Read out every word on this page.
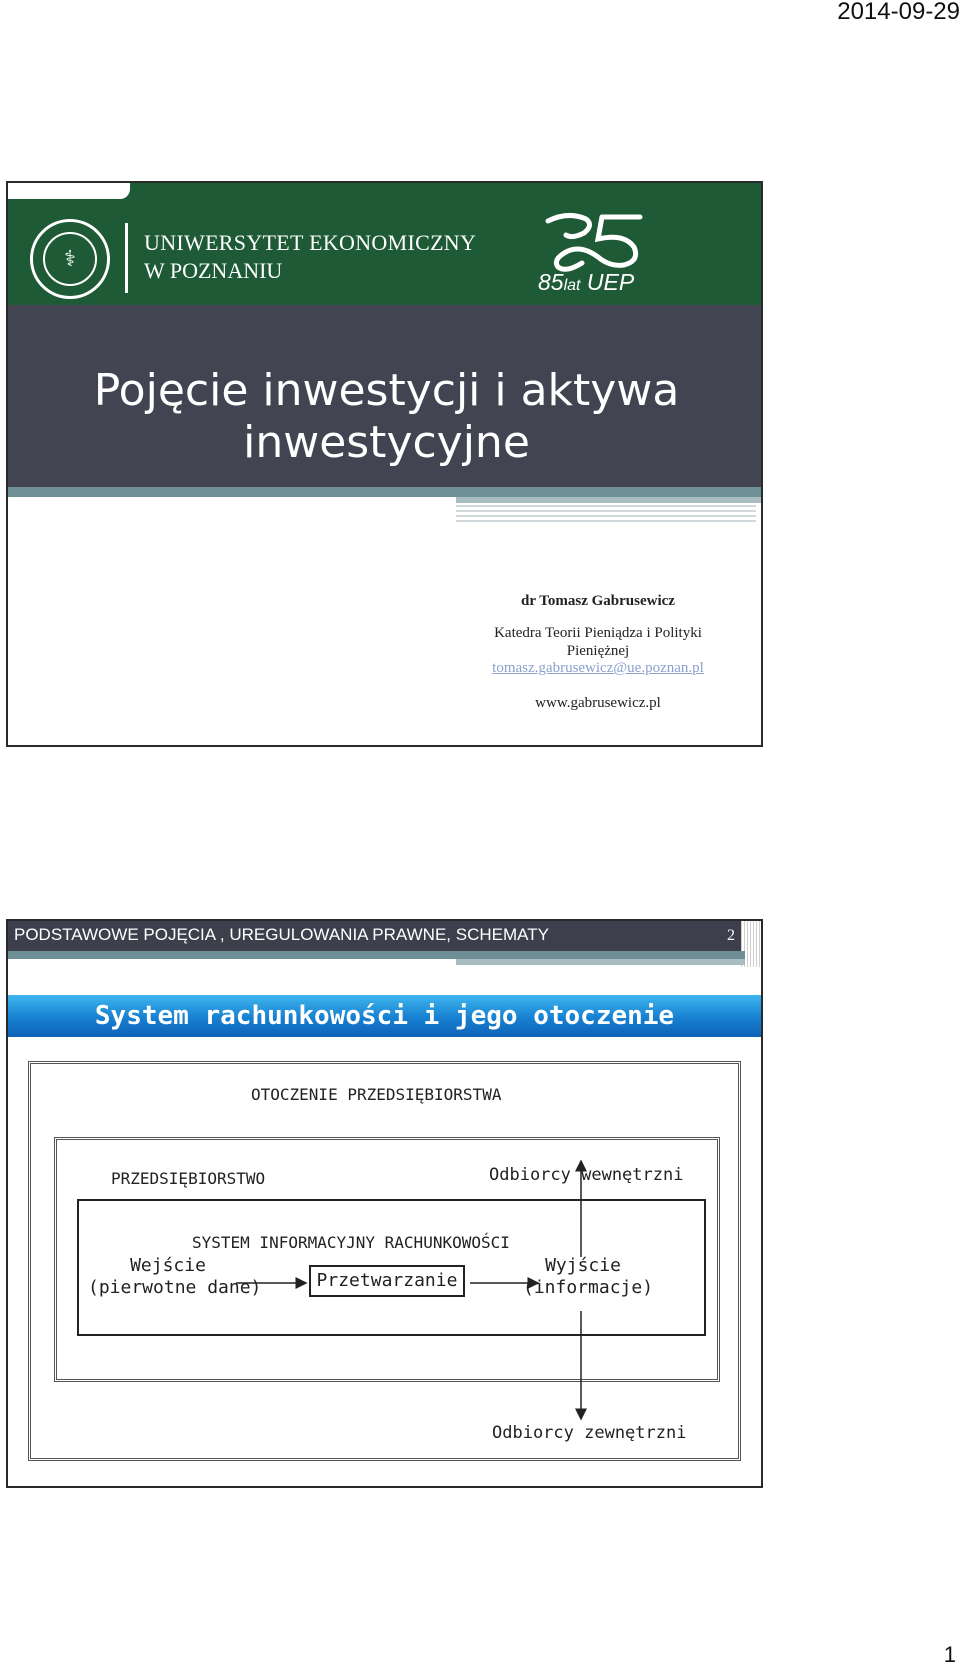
2014-09-29
⚕
UNIWERSYTET EKONOMICZNY
W POZNANIU	85lat UEP
Pojęcie inwestycji i aktywa
inwestycyjne
dr Tomasz Gabrusewicz
Katedra Teorii Pieniądza i Polityki
Pieniężnej
tomasz.gabrusewicz@ue.poznan.pl
www.gabrusewicz.pl
PODSTAWOWE POJĘCIA , UREGULOWANIA PRAWNE, SCHEMATY	2
System rachunkowości i jego otoczenie
OTOCZENIE PRZEDSIĘBIORSTWA
PRZEDSIĘBIORSTWO	Odbiorcy wewnętrzni
SYSTEM INFORMACYJNY RACHUNKOWOŚCI
Wejście
(pierwotne dane)	Przetwarzanie
Wyjście
(informacje)
Odbiorcy zewnętrzni
1
